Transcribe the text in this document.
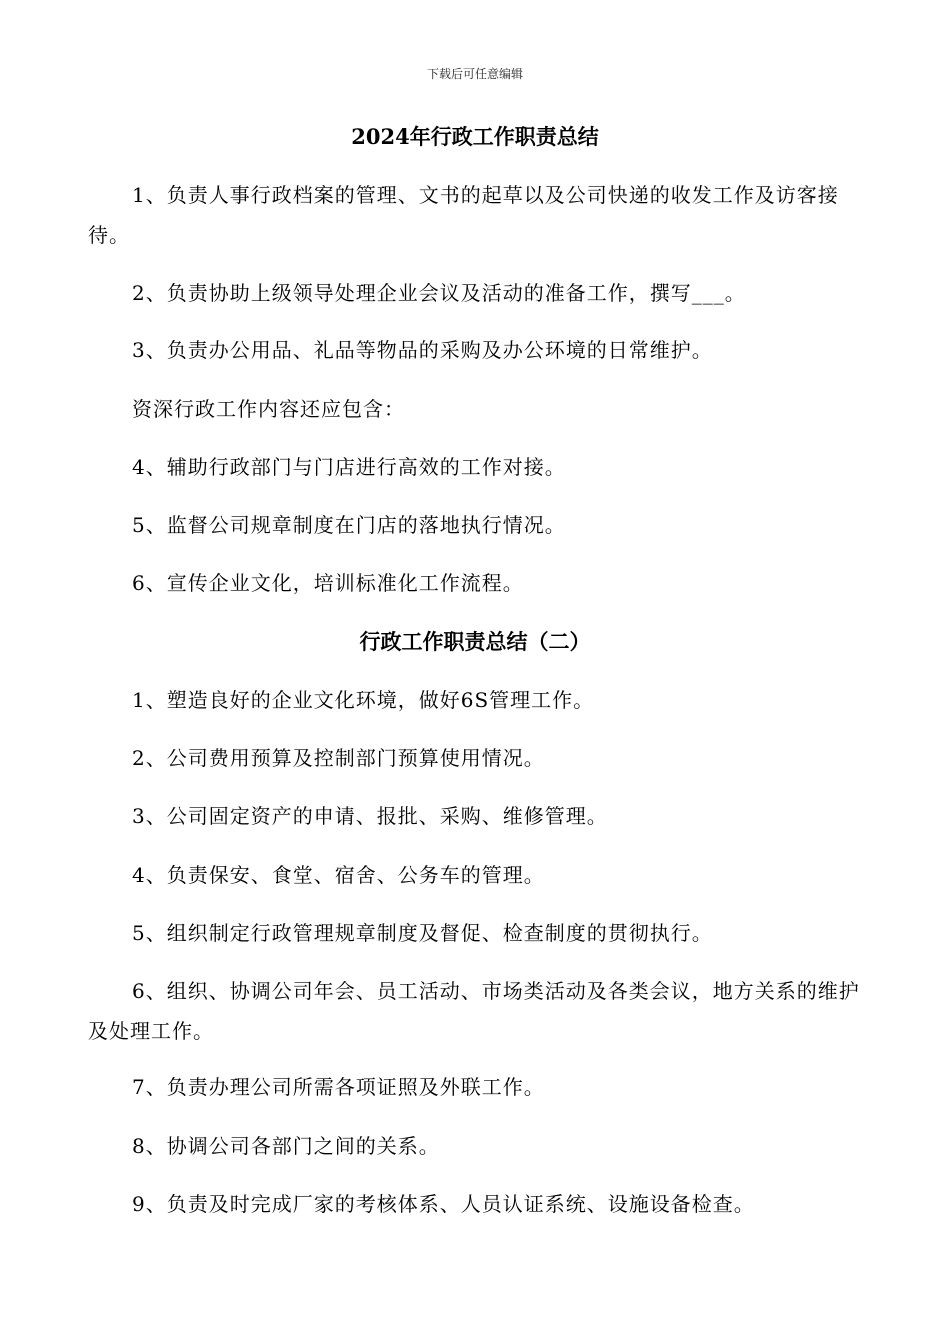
下载后可任意编辑
2024年行政工作职责总结
1、负责人事行政档案的管理、文书的起草以及公司快递的收发工作及访客接待。
2、负责协助上级领导处理企业会议及活动的准备工作，撰写___。
3、负责办公用品、礼品等物品的采购及办公环境的日常维护。
资深行政工作内容还应包含：
4、辅助行政部门与门店进行高效的工作对接。
5、监督公司规章制度在门店的落地执行情况。
6、宣传企业文化，培训标准化工作流程。
行政工作职责总结（二）
1、塑造良好的企业文化环境，做好6S管理工作。
2、公司费用预算及控制部门预算使用情况。
3、公司固定资产的申请、报批、采购、维修管理。
4、负责保安、食堂、宿舍、公务车的管理。
5、组织制定行政管理规章制度及督促、检查制度的贯彻执行。
6、组织、协调公司年会、员工活动、市场类活动及各类会议，地方关系的维护及处理工作。
7、负责办理公司所需各项证照及外联工作。
8、协调公司各部门之间的关系。
9、负责及时完成厂家的考核体系、人员认证系统、设施设备检查。
